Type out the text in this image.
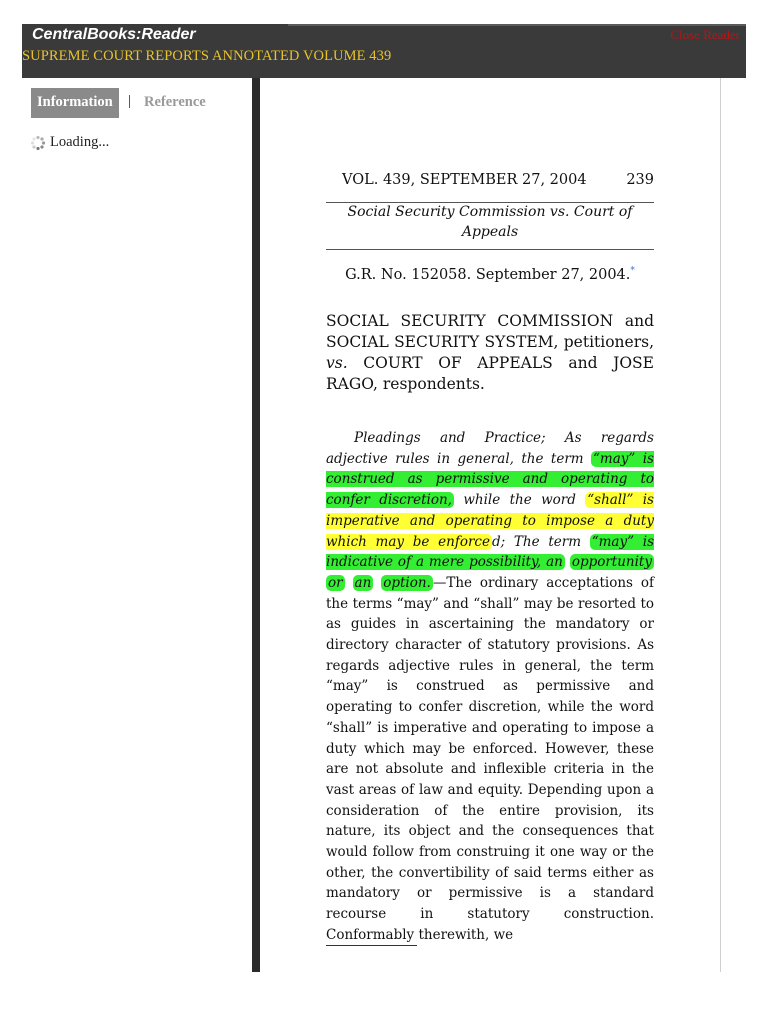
CentralBooks:Reader
SUPREME COURT REPORTS ANNOTATED VOLUME 439
Close Reader
Information	| Reference
Loading...
VOL. 439, SEPTEMBER 27, 2004	239
Social Security Commission vs. Court of Appeals
G.R. No. 152058. September 27, 2004.*
SOCIAL SECURITY COMMISSION and SOCIAL SECURITY SYSTEM, petitioners, vs. COURT OF APPEALS and JOSE RAGO, respondents.
Pleadings and Practice; As regards adjective rules in general, the term “may” is construed as permissive and operating to confer discretion, while the word “shall” is imperative and operating to impose a duty which may be enforce d; The term “may” is indicative of a mere possibility, an opportunity or an option. —The ordinary acceptations of the terms “may” and “shall” may be resorted to as guides in ascertaining the mandatory or directory character of statutory provisions. As regards adjective rules in general, the term “may” is construed as permissive and operating to confer discretion, while the word “shall” is imperative and operating to impose a duty which may be enforced. However, these are not absolute and inflexible criteria in the vast areas of law and equity. Depending upon a consideration of the entire provision, its nature, its object and the consequences that would follow from construing it one way or the other, the convertibility of said terms either as mandatory or permissive is a standard recourse in statutory construction. Conformably therewith, we
